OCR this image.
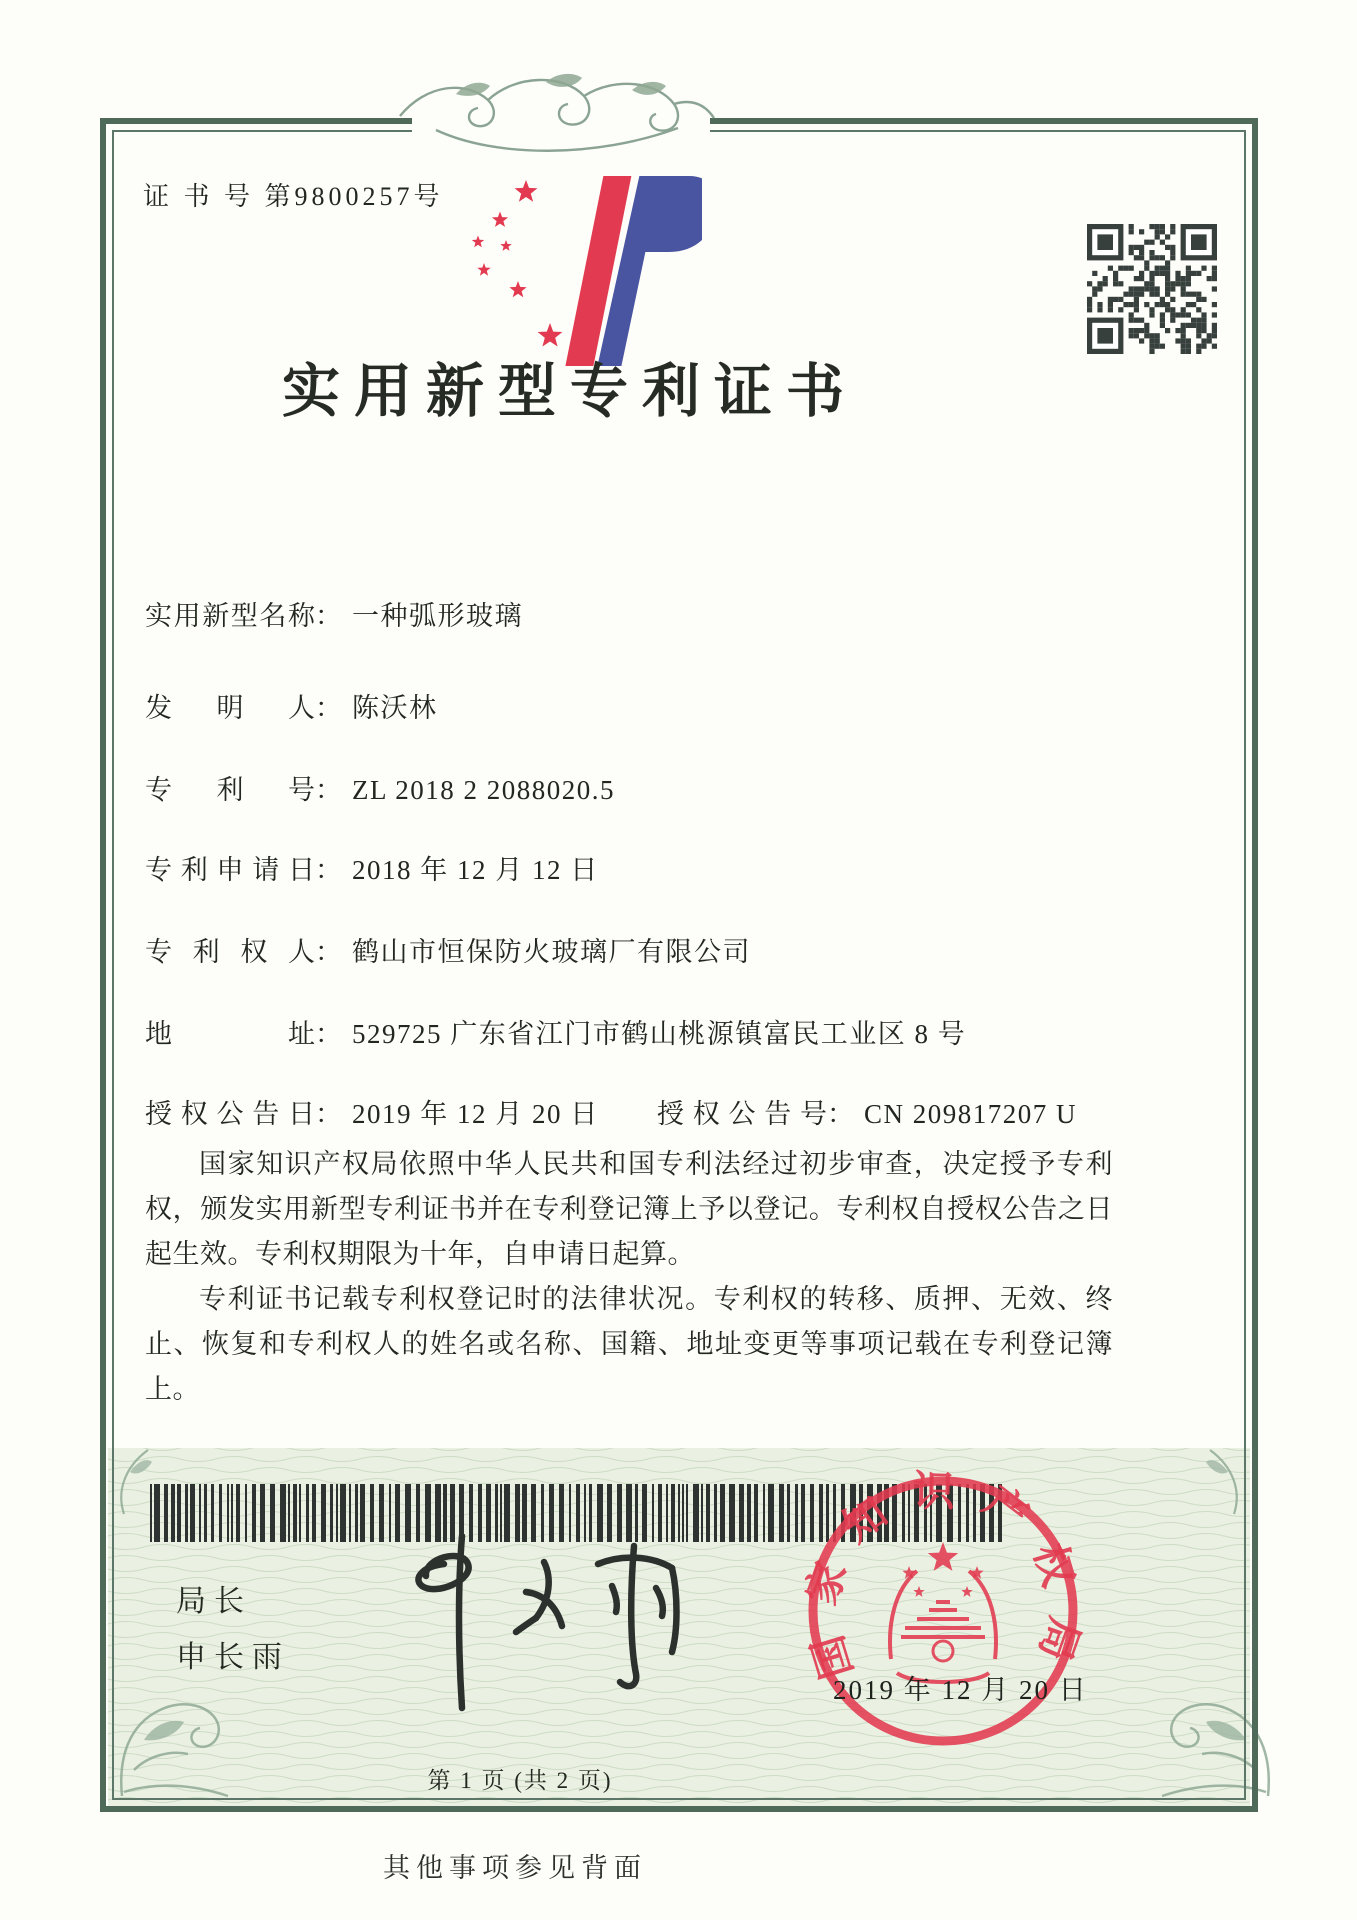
证 书 号 第9800257号
实用新型专利证书
实用新型名称： 一种弧形玻璃
发明人： 陈沃林
专利号： ZL 2018 2 2088020.5
专利申请日： 2018 年 12 月 12 日
专利权人： 鹤山市恒保防火玻璃厂有限公司
地址： 529725 广东省江门市鹤山桃源镇富民工业区 8 号
授权公告日： 2019 年 12 月 20 日 授权公告号： CN 209817207 U

国家知识产权局依照中华人民共和国专利法经过初步审查，决定授予专利权，颁发实用新型专利证书并在专利登记簿上予以登记。专利权自授权公告之日起生效。专利权期限为十年，自申请日起算。

专利证书记载专利权登记时的法律状况。专利权的转移、质押、无效、终止、恢复和专利权人的姓名或名称、国籍、地址变更等事项记载在专利登记簿上。

局长
申长雨	国家知识产权局
2019 年 12 月 20 日
第 1 页 (共 2 页)
其他事项参见背面
